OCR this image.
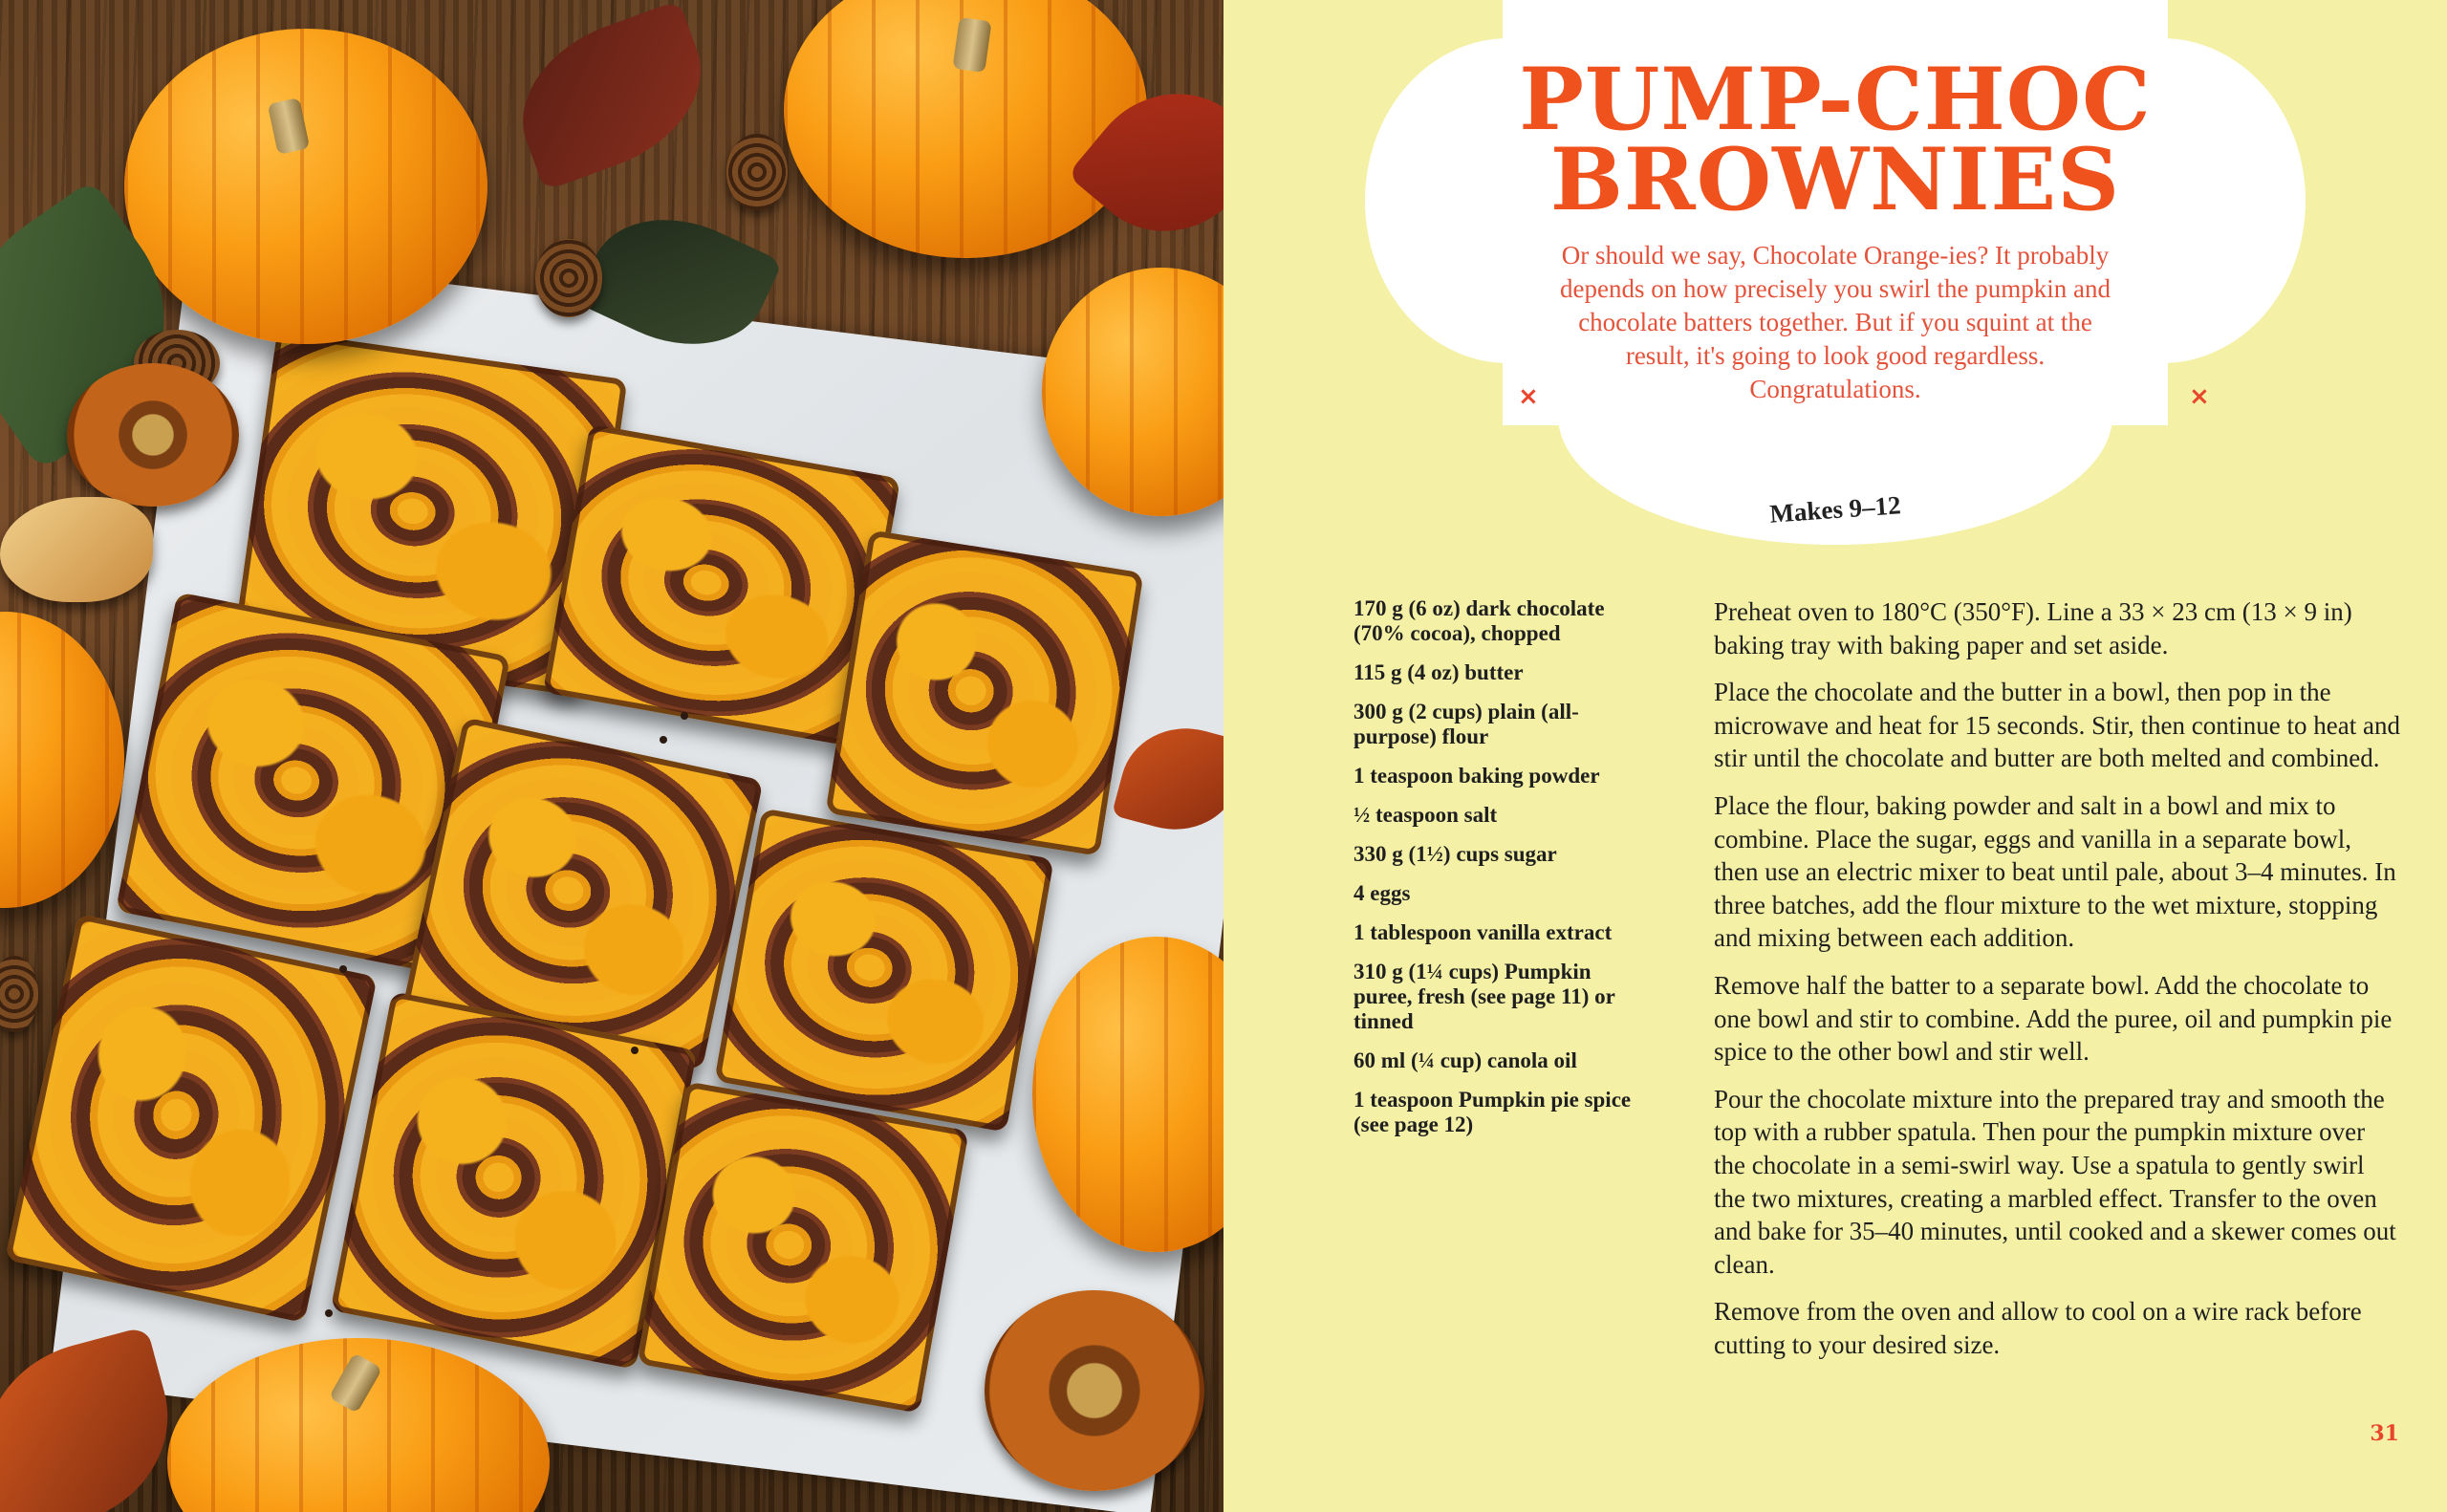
PUMP-CHOC BROWNIES

Or should we say, Chocolate Orange-ies? It probably depends on how precisely you swirl the pumpkin and chocolate batters together. But if you squint at the result, it's going to look good regardless. Congratulations.

×	×
Makes 9–12
170 g (6 oz) dark chocolate (70% cocoa), chopped
115 g (4 oz) butter
300 g (2 cups) plain (all-purpose) flour
1 teaspoon baking powder
½ teaspoon salt
330 g (1½) cups sugar
4 eggs
1 tablespoon vanilla extract
310 g (1¼ cups) Pumpkin puree, fresh (see page 11) or tinned
60 ml (¼ cup) canola oil
1 teaspoon Pumpkin pie spice (see page 12)

Preheat oven to 180°C (350°F). Line a 33 × 23 cm (13 × 9 in) baking tray with baking paper and set aside.

Place the chocolate and the butter in a bowl, then pop in the microwave and heat for 15 seconds. Stir, then continue to heat and stir until the chocolate and butter are both melted and combined.

Place the flour, baking powder and salt in a bowl and mix to combine. Place the sugar, eggs and vanilla in a separate bowl, then use an electric mixer to beat until pale, about 3–4 minutes. In three batches, add the flour mixture to the wet mixture, stopping and mixing between each addition.

Remove half the batter to a separate bowl. Add the chocolate to one bowl and stir to combine. Add the puree, oil and pumpkin pie spice to the other bowl and stir well.

Pour the chocolate mixture into the prepared tray and smooth the top with a rubber spatula. Then pour the pumpkin mixture over the chocolate in a semi-swirl way. Use a spatula to gently swirl the two mixtures, creating a marbled effect. Transfer to the oven and bake for 35–40 minutes, until cooked and a skewer comes out clean.

Remove from the oven and allow to cool on a wire rack before cutting to your desired size.

31
